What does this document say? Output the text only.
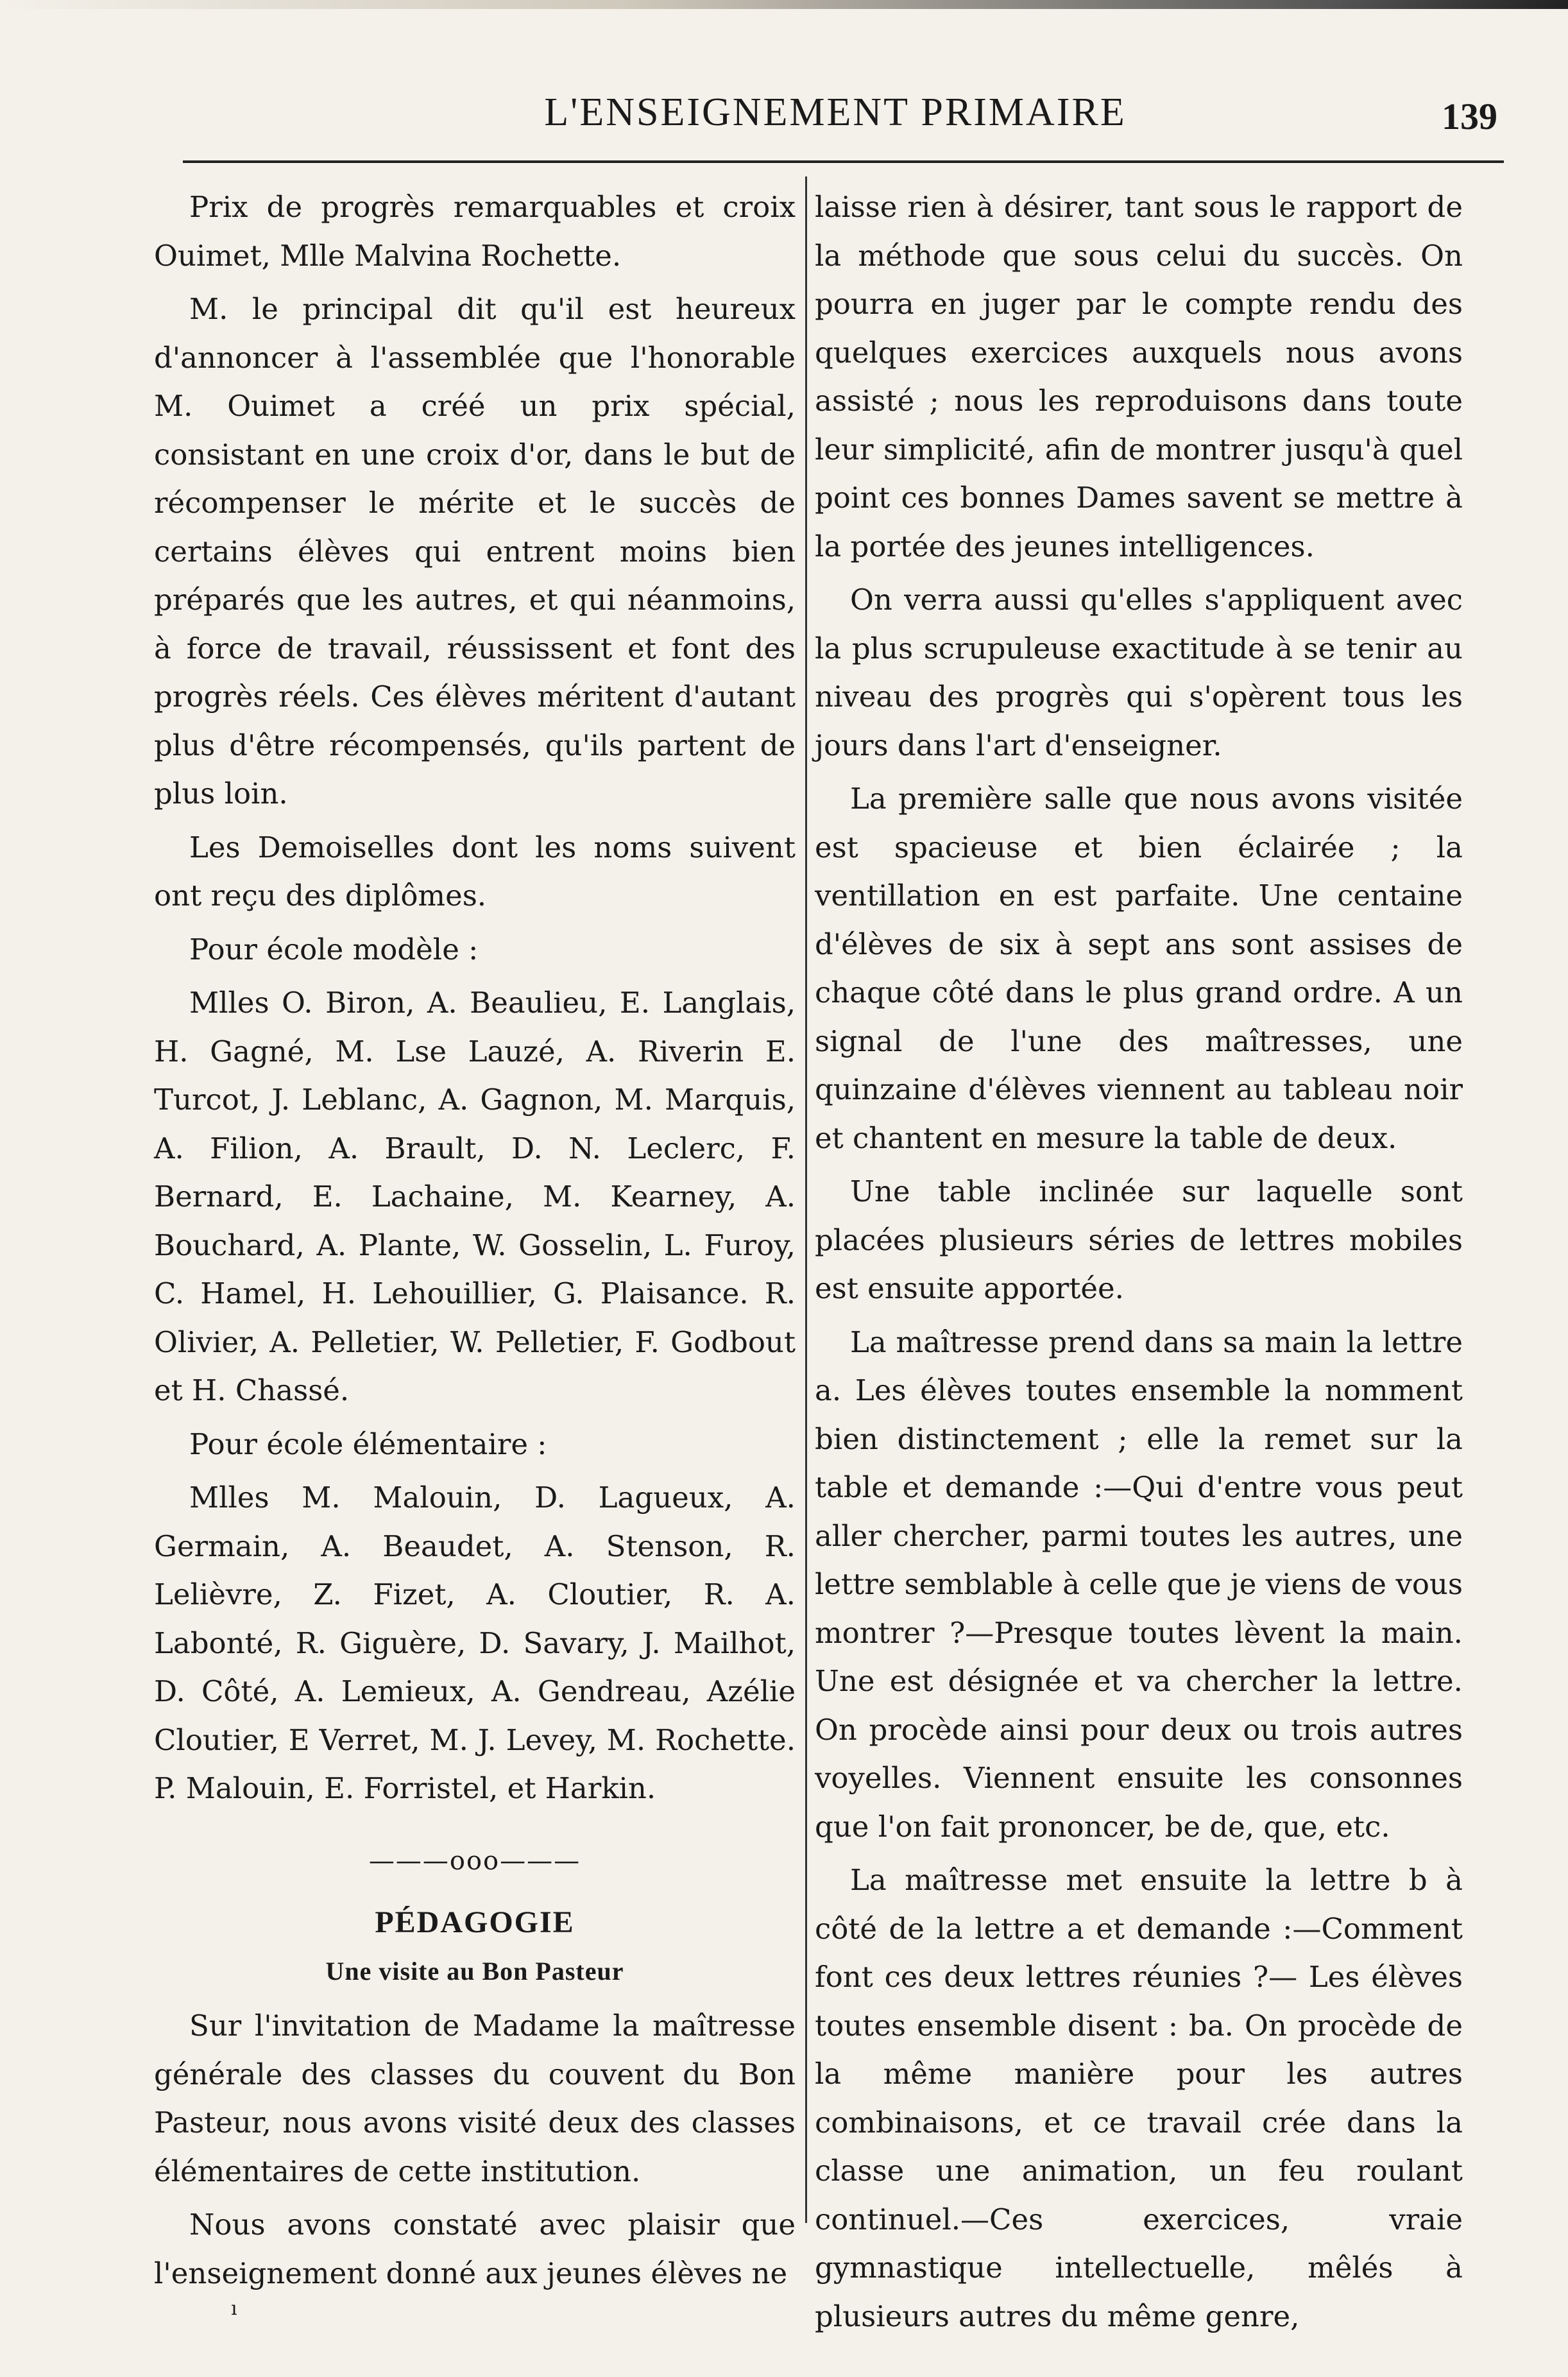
L'ENSEIGNEMENT PRIMAIRE	139

Prix de progrès remarquables et croix Ouimet, Mlle Malvina Rochette.

M. le principal dit qu'il est heureux d'annoncer à l'assemblée que l'honorable M. Ouimet a créé un prix spécial, consistant en une croix d'or, dans le but de récompenser le mérite et le succès de certains élèves qui entrent moins bien préparés que les autres, et qui néanmoins, à force de travail, réussissent et font des progrès réels. Ces élèves méritent d'autant plus d'être récompensés, qu'ils partent de plus loin.

Les Demoiselles dont les noms suivent ont reçu des diplômes.

Pour école modèle :

Mlles O. Biron, A. Beaulieu, E. Langlais, H. Gagné, M. Lse Lauzé, A. Riverin E. Turcot, J. Leblanc, A. Gagnon, M. Marquis, A. Filion, A. Brault, D. N. Leclerc, F. Bernard, E. Lachaine, M. Kearney, A. Bouchard, A. Plante, W. Gosselin, L. Furoy, C. Hamel, H. Lehouillier, G. Plaisance. R. Olivier, A. Pelletier, W. Pelletier, F. Godbout et H. Chassé.

Pour école élémentaire :

Mlles M. Malouin, D. Lagueux, A. Germain, A. Beaudet, A. Stenson, R. Lelièvre, Z. Fizet, A. Cloutier, R. A. Labonté, R. Giguère, D. Savary, J. Mailhot, D. Côté, A. Lemieux, A. Gendreau, Azélie Cloutier, E Verret, M. J. Levey, M. Rochette. P. Malouin, E. Forristel, et Harkin.

———ooo———
PÉDAGOGIE
Une visite au Bon Pasteur

Sur l'invitation de Madame la maîtresse générale des classes du couvent du Bon Pasteur, nous avons visité deux des classes élémentaires de cette institution.

Nous avons constaté avec plaisir que l'enseignement donné aux jeunes élèves ne

laisse rien à désirer, tant sous le rapport de la méthode que sous celui du succès. On pourra en juger par le compte rendu des quelques exercices auxquels nous avons assisté ; nous les reproduisons dans toute leur simplicité, afin de montrer jusqu'à quel point ces bonnes Dames savent se mettre à la portée des jeunes intelligences.

On verra aussi qu'elles s'appliquent avec la plus scrupuleuse exactitude à se tenir au niveau des progrès qui s'opèrent tous les jours dans l'art d'enseigner.

La première salle que nous avons visitée est spacieuse et bien éclairée ; la ventillation en est parfaite. Une centaine d'élèves de six à sept ans sont assises de chaque côté dans le plus grand ordre. A un signal de l'une des maîtresses, une quinzaine d'élèves viennent au tableau noir et chantent en mesure la table de deux.

Une table inclinée sur laquelle sont placées plusieurs séries de lettres mobiles est ensuite apportée.

La maîtresse prend dans sa main la lettre a. Les élèves toutes ensemble la nomment bien distinctement ; elle la remet sur la table et demande :—Qui d'entre vous peut aller chercher, parmi toutes les autres, une lettre semblable à celle que je viens de vous montrer ?—Presque toutes lèvent la main. Une est désignée et va chercher la lettre. On procède ainsi pour deux ou trois autres voyelles. Viennent ensuite les consonnes que l'on fait prononcer, be de, que, etc.

La maîtresse met ensuite la lettre b à côté de la lettre a et demande :—Comment font ces deux lettres réunies ?— Les élèves toutes ensemble disent : ba. On procède de la même manière pour les autres combinaisons, et ce travail crée dans la classe une animation, un feu roulant continuel.—Ces exercices, vraie gymnastique intellectuelle, mêlés à plusieurs autres du même genre,

ı
